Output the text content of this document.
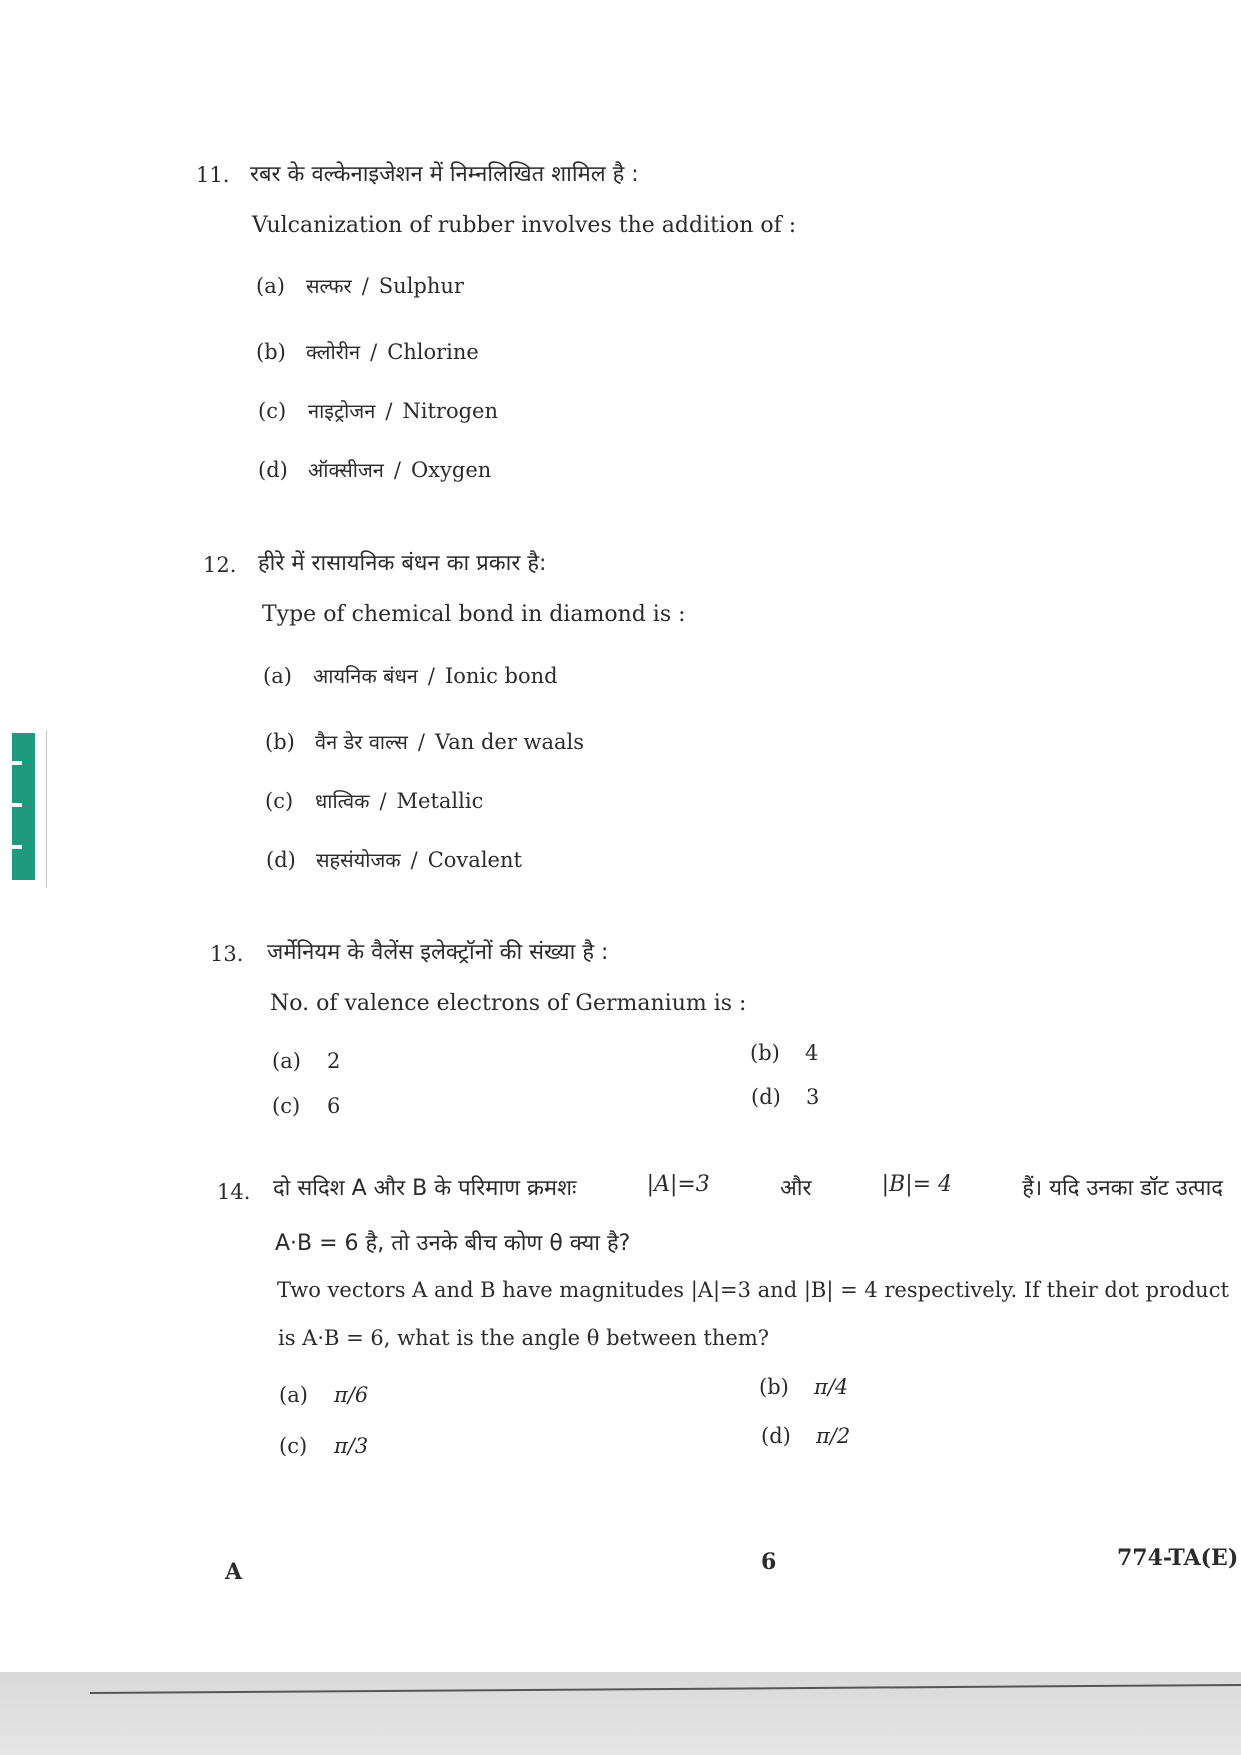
11. रबर के वल्केनाइजेशन में निम्नलिखित शामिल है :
Vulcanization of rubber involves the addition of :
(a) सल्फर / Sulphur
(b) क्लोरीन / Chlorine
(c) नाइट्रोजन / Nitrogen
(d) ऑक्सीजन / Oxygen
12. हीरे में रासायनिक बंधन का प्रकार है:
Type of chemical bond in diamond is :
(a) आयनिक बंधन / Ionic bond
(b) वैन डेर वाल्स / Van der waals
(c) धात्विक / Metallic
(d) सहसंयोजक / Covalent
13. जर्मेनियम के वैलेंस इलेक्ट्रॉनों की संख्या है :
No. of valence electrons of Germanium is :
(a) 2	(b) 4
(c) 6	(d) 3
14. दो सदिश A और B के परिमाण क्रमशः	|A|=3	और	|B|= 4	हैं। यदि उनका डॉट उत्पाद
A·B = 6 है, तो उनके बीच कोण θ क्या है?
Two vectors A and B have magnitudes |A|=3 and |B| = 4 respectively. If their dot product
is A·B = 6, what is the angle θ between them?
(a) π/6	(b) π/4
(c) π/3	(d) π/2
A	6	774-TA(E)
